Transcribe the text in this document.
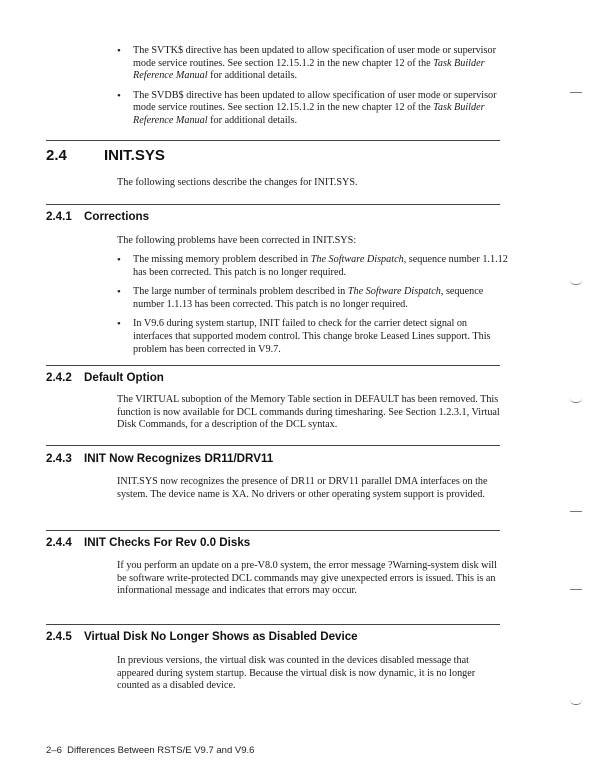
• The SVTK$ directive has been updated to allow specification of user mode or supervisor mode service routines. See section 12.15.1.2 in the new chapter 12 of the Task Builder Reference Manual for additional details.
• The SVDB$ directive has been updated to allow specification of user mode or supervisor mode service routines. See section 12.15.1.2 in the new chapter 12 of the Task Builder Reference Manual for additional details.
2.4 INIT.SYS
The following sections describe the changes for INIT.SYS.
2.4.1 Corrections
The following problems have been corrected in INIT.SYS:
• The missing memory problem described in The Software Dispatch, sequence number 1.1.12 has been corrected. This patch is no longer required.
• The large number of terminals problem described in The Software Dispatch, sequence number 1.1.13 has been corrected. This patch is no longer required.
• In V9.6 during system startup, INIT failed to check for the carrier detect signal on interfaces that supported modem control. This change broke Leased Lines support. This problem has been corrected in V9.7.
2.4.2 Default Option
The VIRTUAL suboption of the Memory Table section in DEFAULT has been removed. This function is now available for DCL commands during timesharing. See Section 1.2.3.1, Virtual Disk Commands, for a description of the DCL syntax.
2.4.3 INIT Now Recognizes DR11/DRV11
INIT.SYS now recognizes the presence of DR11 or DRV11 parallel DMA interfaces on the system. The device name is XA. No drivers or other operating system support is provided.
2.4.4 INIT Checks For Rev 0.0 Disks
If you perform an update on a pre-V8.0 system, the error message ?Warning-system disk will be software write-protected DCL commands may give unexpected errors is issued. This is an informational message and indicates that errors may occur.
2.4.5 Virtual Disk No Longer Shows as Disabled Device
In previous versions, the virtual disk was counted in the devices disabled message that appeared during system startup. Because the virtual disk is now dynamic, it is no longer counted as a disabled device.
2–6 Differences Between RSTS/E V9.7 and V9.6
